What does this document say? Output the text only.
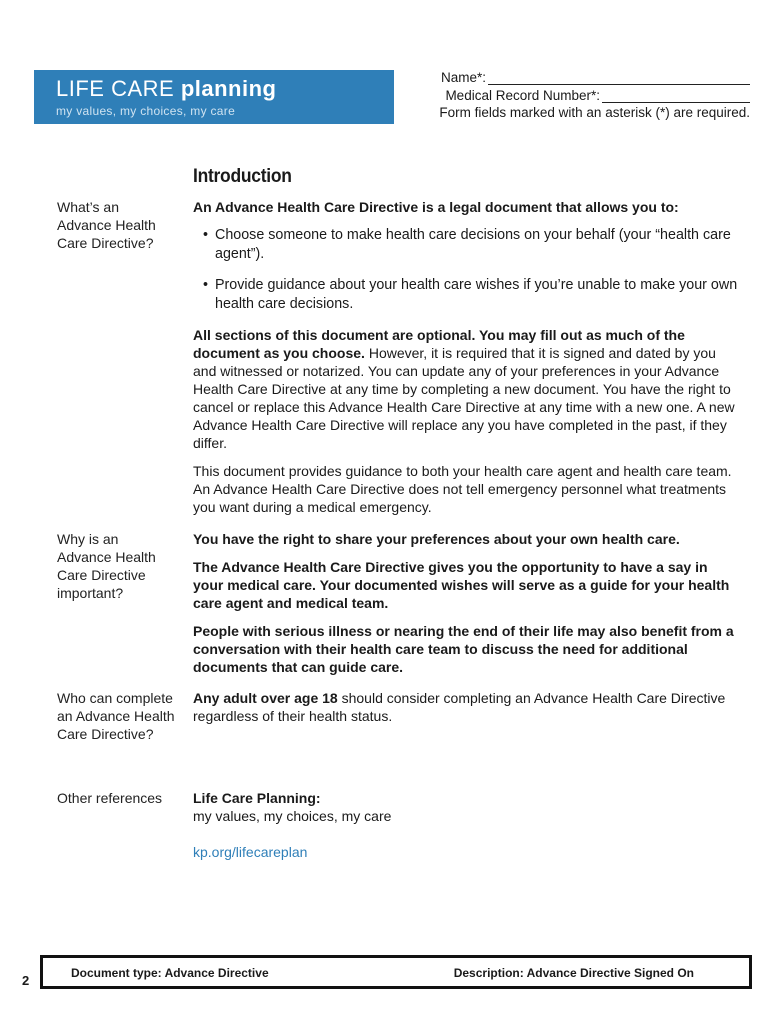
LIFE CARE planning
my values, my choices, my care
Name*:
Medical Record Number*:
Form fields marked with an asterisk (*) are required.
Introduction
What’s an Advance Health Care Directive?

An Advance Health Care Directive is a legal document that allows you to:

• Choose someone to make health care decisions on your behalf (your “health care agent”).
• Provide guidance about your health care wishes if you’re unable to make your own health care decisions.

All sections of this document are optional. You may fill out as much of the document as you choose. However, it is required that it is signed and dated by you and witnessed or notarized. You can update any of your preferences in your Advance Health Care Directive at any time by completing a new document. You have the right to cancel or replace this Advance Health Care Directive at any time with a new one. A new Advance Health Care Directive will replace any you have completed in the past, if they differ.

This document provides guidance to both your health care agent and health care team. An Advance Health Care Directive does not tell emergency personnel what treatments you want during a medical emergency.

Why is an Advance Health Care Directive important?

You have the right to share your preferences about your own health care.

The Advance Health Care Directive gives you the opportunity to have a say in your medical care. Your documented wishes will serve as a guide for your health care agent and medical team.

People with serious illness or nearing the end of their life may also benefit from a conversation with their health care team to discuss the need for additional documents that can guide care.

Who can complete an Advance Health Care Directive?

Any adult over age 18 should consider completing an Advance Health Care Directive regardless of their health status.

Other references	Life Care Planning:
my values, my choices, my care
kp.org/lifecareplan
2	Document type: Advance Directive	Description: Advance Directive Signed On
